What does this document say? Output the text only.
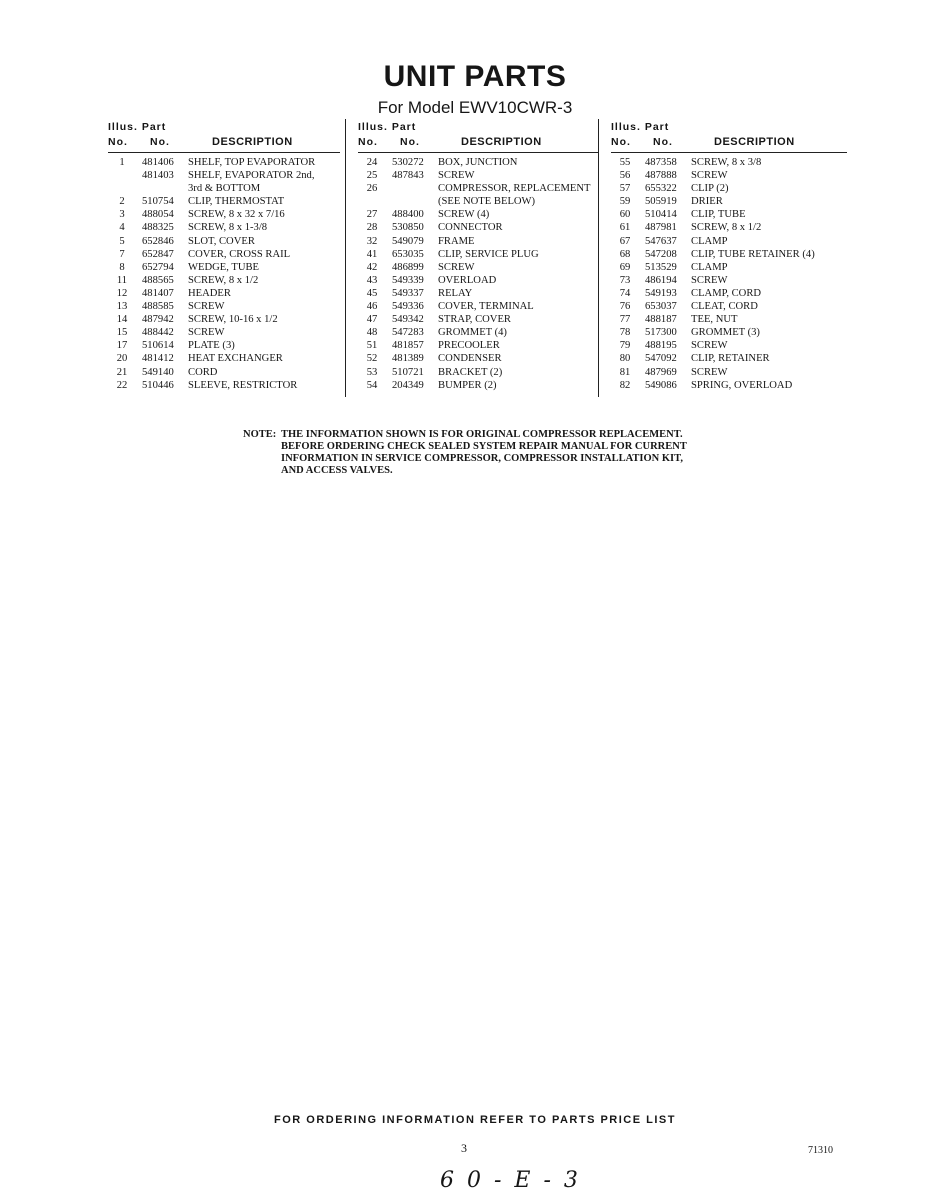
UNIT PARTS
For Model EWV10CWR-3
Illus. Part
No. No.	DESCRIPTION
1	481406	SHELF, TOP EVAPORATOR
481403	SHELF, EVAPORATOR 2nd,
3rd & BOTTOM
2	510754	CLIP, THERMOSTAT
3	488054	SCREW, 8 x 32 x 7/16
4	488325	SCREW, 8 x 1-3/8
5	652846	SLOT, COVER
7	652847	COVER, CROSS RAIL
8	652794	WEDGE, TUBE
11	488565	SCREW, 8 x 1/2
12	481407	HEADER
13	488585	SCREW
14	487942	SCREW, 10-16 x 1/2
15	488442	SCREW
17	510614	PLATE (3)
20	481412	HEAT EXCHANGER
21	549140	CORD
22	510446	SLEEVE, RESTRICTOR
Illus. Part
No. No.	DESCRIPTION
24	530272	BOX, JUNCTION
25	487843	SCREW
26	COMPRESSOR, REPLACEMENT
(SEE NOTE BELOW)
27	488400	SCREW (4)
28	530850	CONNECTOR
32	549079	FRAME
41	653035	CLIP, SERVICE PLUG
42	486899	SCREW
43	549339	OVERLOAD
45	549337	RELAY
46	549336	COVER, TERMINAL
47	549342	STRAP, COVER
48	547283	GROMMET (4)
51	481857	PRECOOLER
52	481389	CONDENSER
53	510721	BRACKET (2)
54	204349	BUMPER (2)
Illus. Part
No. No.	DESCRIPTION
55	487358	SCREW, 8 x 3/8
56	487888	SCREW
57	655322	CLIP (2)
59	505919	DRIER
60	510414	CLIP, TUBE
61	487981	SCREW, 8 x 1/2
67	547637	CLAMP
68	547208	CLIP, TUBE RETAINER (4)
69	513529	CLAMP
73	486194	SCREW
74	549193	CLAMP, CORD
76	653037	CLEAT, CORD
77	488187	TEE, NUT
78	517300	GROMMET (3)
79	488195	SCREW
80	547092	CLIP, RETAINER
81	487969	SCREW
82	549086	SPRING, OVERLOAD
NOTE: THE INFORMATION SHOWN IS FOR ORIGINAL COMPRESSOR REPLACEMENT.
BEFORE ORDERING CHECK SEALED SYSTEM REPAIR MANUAL FOR CURRENT
INFORMATION IN SERVICE COMPRESSOR, COMPRESSOR INSTALLATION KIT,
AND ACCESS VALVES.
FOR ORDERING INFORMATION REFER TO PARTS PRICE LIST
3	71310
6 0 - E - 3
